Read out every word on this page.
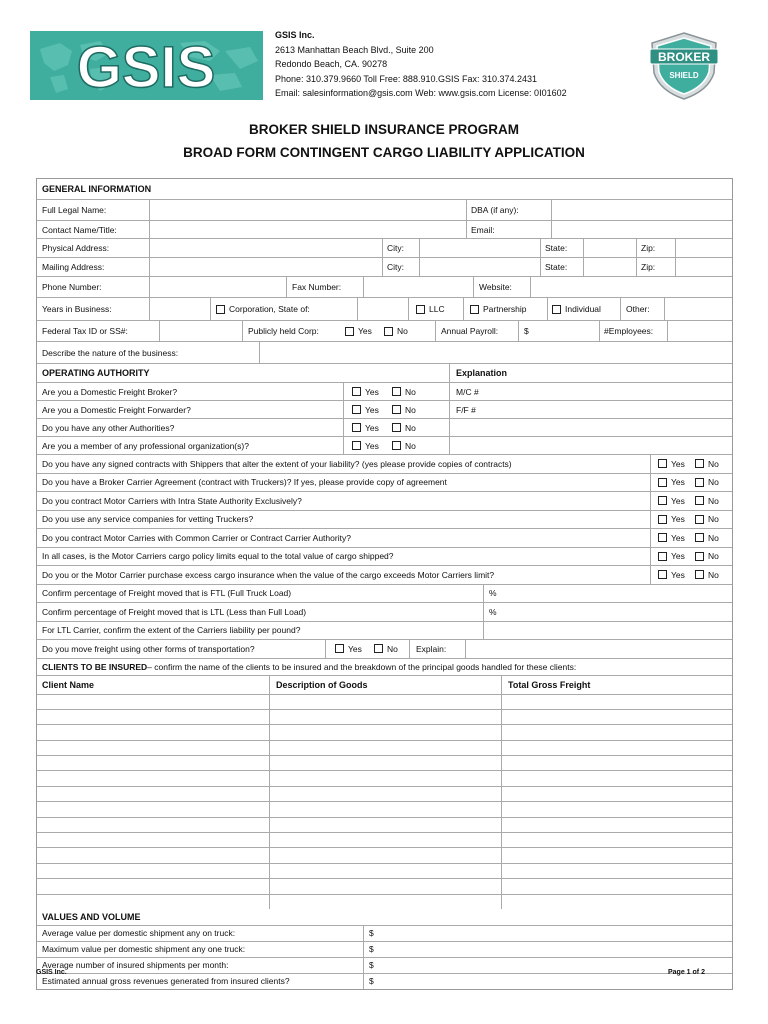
GSIS	GSIS Inc.
2613 Manhattan Beach Blvd., Suite 200
Redondo Beach, CA. 90278
Phone: 310.379.9660 Toll Free: 888.910.GSIS Fax: 310.374.2431
Email: salesinformation@gsis.com Web: www.gsis.com License: 0I01602
BROKER
SHIELD
BROKER SHIELD INSURANCE PROGRAM
BROAD FORM CONTINGENT CARGO LIABILITY APPLICATION
GENERAL INFORMATION
Full Legal Name:	DBA (if any):
Contact Name/Title:	Email:
Physical Address:	City:	State:	Zip:
Mailing Address:	City:	State:	Zip:
Phone Number:	Fax Number:	Website:
Years in Business:	Corporation, State of:	LLC	Partnership	Individual	Other:
Federal Tax ID or SS#:	Publicly held Corp:	Yes	No	Annual Payroll:	$	#Employees:
Describe the nature of the business:
OPERATING AUTHORITY	Explanation
Are you a Domestic Freight Broker?	Yes	No	M/C #
Are you a Domestic Freight Forwarder?	Yes	No	F/F #
Do you have any other Authorities?	Yes	No
Are you a member of any professional organization(s)?	Yes	No
Do you have any signed contracts with Shippers that alter the extent of your liability? (yes please provide copies of contracts)	Yes	No
Do you have a Broker Carrier Agreement (contract with Truckers)? If yes, please provide copy of agreement	Yes	No
Do you contract Motor Carriers with Intra State Authority Exclusively?	Yes	No
Do you use any service companies for vetting Truckers?	Yes	No
Do you contract Motor Carries with Common Carrier or Contract Carrier Authority?	Yes	No
In all cases, is the Motor Carriers cargo policy limits equal to the total value of cargo shipped?	Yes	No
Do you or the Motor Carrier purchase excess cargo insurance when the value of the cargo exceeds Motor Carriers limit?	Yes	No
Confirm percentage of Freight moved that is FTL (Full Truck Load)	%
Confirm percentage of Freight moved that is LTL (Less than Full Load)	%
For LTL Carrier, confirm the extent of the Carriers liability per pound?
Do you move freight using other forms of transportation?	Yes	No	Explain:
CLIENTS TO BE INSURED – confirm the name of the clients to be insured and the breakdown of the principal goods handled for these clients:
Client Name	Description of Goods	Total Gross Freight
VALUES AND VOLUME
Average value per domestic shipment any on truck:	$
Maximum value per domestic shipment any one truck:	$
Average number of insured shipments per month:	$
Estimated annual gross revenues generated from insured clients?	$
GSIS Inc.	Page 1 of 2
